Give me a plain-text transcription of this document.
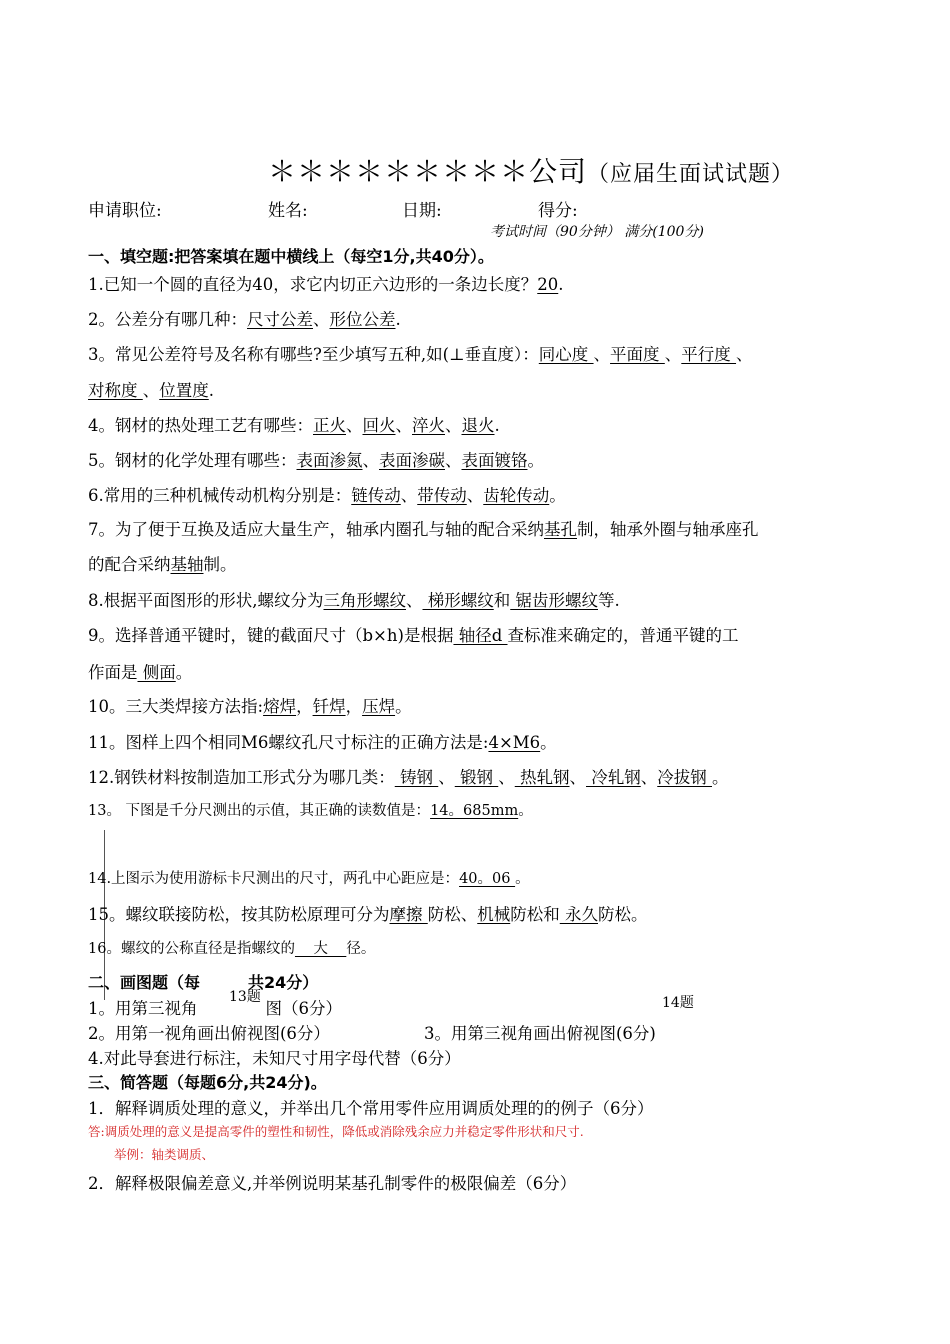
＊＊＊＊＊＊＊＊＊公司（应届生面试试题）
申请职位:	姓名:	日期:	得分:
考试时间（90分钟） 满分(100分)
一、填空题:把答案填在题中横线上（每空1分,共40分）。
1.已知一个圆的直径为40，求它内切正六边形的一条边长度？20.
2。公差分有哪几种：尺寸公差、形位公差.
3。常见公差符号及名称有哪些?至少填写五种,如(⊥垂直度）：同心度 、平面度 、平行度 、
对称度 、位置度.
4。钢材的热处理工艺有哪些：正火、回火、淬火、退火.
5。钢材的化学处理有哪些：表面渗氮、表面渗碳、表面镀铬。
6.常用的三种机械传动机构分别是：链传动、带传动、齿轮传动。
7。为了便于互换及适应大量生产，轴承内圈孔与轴的配合采纳基孔制，轴承外圈与轴承座孔
的配合采纳基轴制。
8.根据平面图形的形状,螺纹分为三角形螺纹、 梯形螺纹和 锯齿形螺纹等.
9。选择普通平键时，键的截面尺寸（b×h)是根据 轴径d 查标准来确定的，普通平键的工
作面是 侧面。
10。三大类焊接方法指:熔焊，钎焊，压焊。
11。图样上四个相同M6螺纹孔尺寸标注的正确方法是:4×M6。
12.钢铁材料按制造加工形式分为哪几类： 铸钢 、 锻钢 、 热轧钢、 冷轧钢、冷拔钢 。
13。 下图是千分尺测出的示值，其正确的读数值是：14。685mm。
14.上图示为使用游标卡尺测出的尺寸，两孔中心距应是：40。06 。
15。螺纹联接防松，按其防松原理可分为摩擦 防松、机械防松和 永久防松。
16。螺纹的公称直径是指螺纹的    大    径。
二、画图题（每	共24分）
13题	14题
1。用第三视角	图（6分）
2。用第一视角画出俯视图(6分）	3。用第三视角画出俯视图(6分)
4.对此导套进行标注，未知尺寸用字母代替（6分）
三、简答题（每题6分,共24分)。
1．解释调质处理的意义，并举出几个常用零件应用调质处理的的例子（6分）
答:调质处理的意义是提高零件的塑性和韧性，降低或消除残余应力并稳定零件形状和尺寸.
举例：轴类调质、
2．解释极限偏差意义,并举例说明某基孔制零件的极限偏差（6分）
